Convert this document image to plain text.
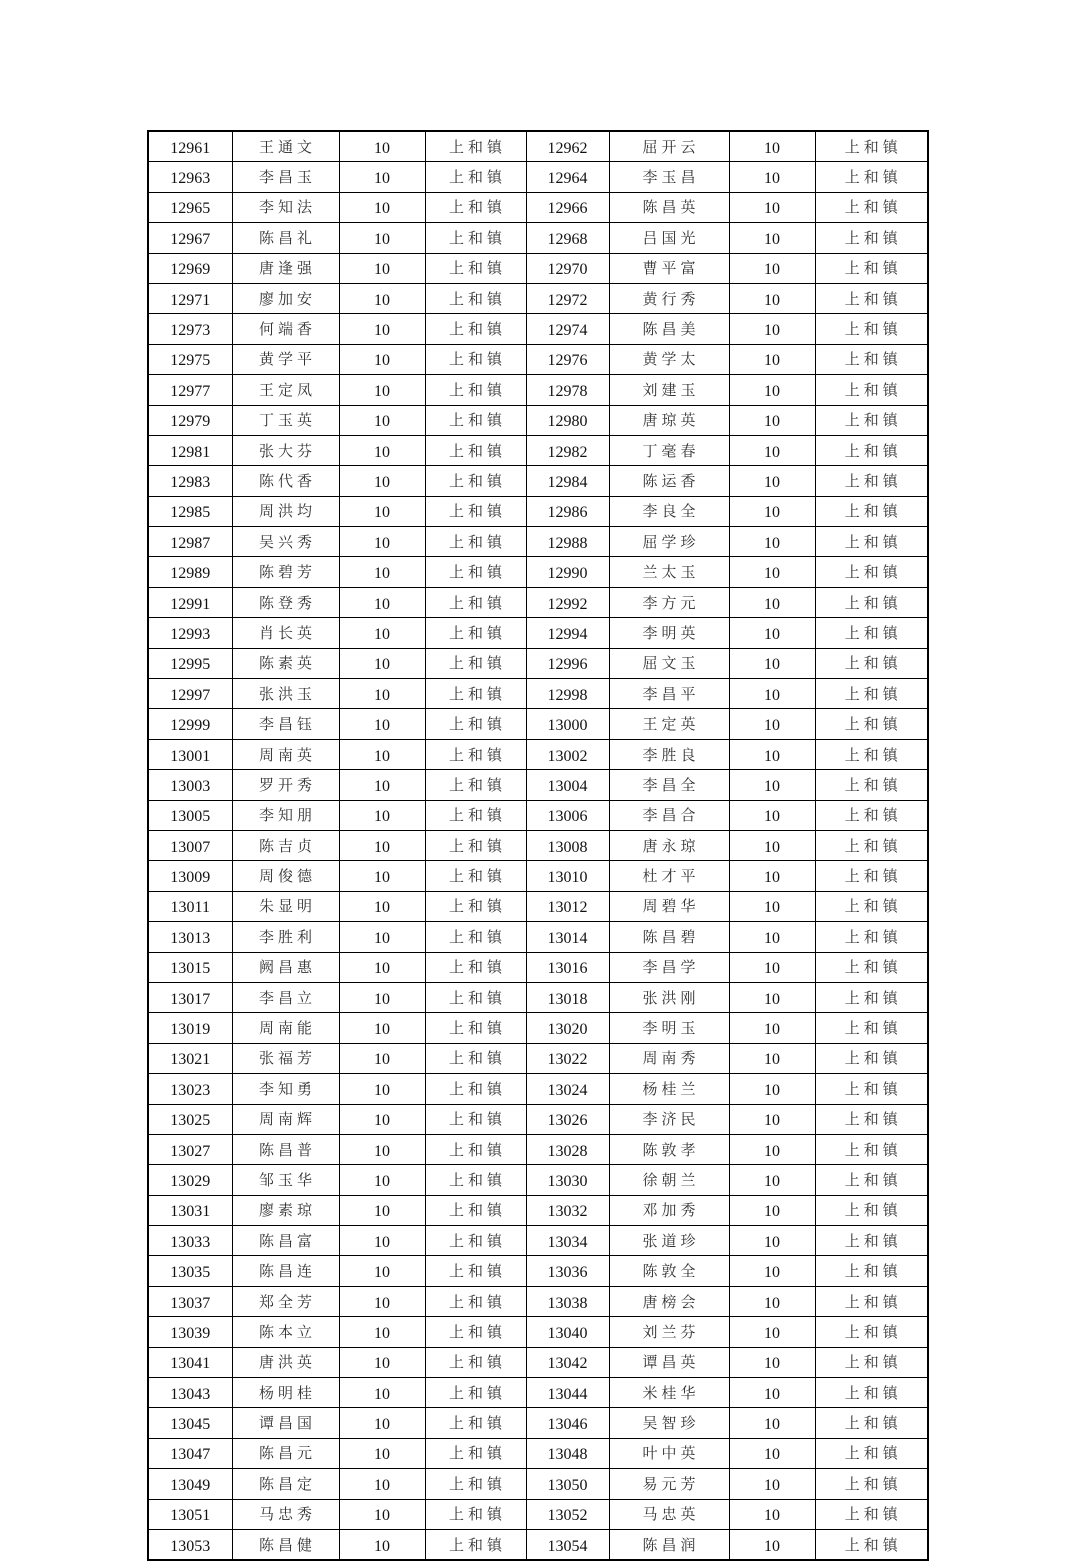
12961	王通文	10	上和镇	12962	屈开云	10	上和镇
12963	李昌玉	10	上和镇	12964	李玉昌	10	上和镇
12965	李知法	10	上和镇	12966	陈昌英	10	上和镇
12967	陈昌礼	10	上和镇	12968	吕国光	10	上和镇
12969	唐逢强	10	上和镇	12970	曹平富	10	上和镇
12971	廖加安	10	上和镇	12972	黄行秀	10	上和镇
12973	何端香	10	上和镇	12974	陈昌美	10	上和镇
12975	黄学平	10	上和镇	12976	黄学太	10	上和镇
12977	王定凤	10	上和镇	12978	刘建玉	10	上和镇
12979	丁玉英	10	上和镇	12980	唐琼英	10	上和镇
12981	张大芬	10	上和镇	12982	丁毫春	10	上和镇
12983	陈代香	10	上和镇	12984	陈运香	10	上和镇
12985	周洪均	10	上和镇	12986	李良全	10	上和镇
12987	吴兴秀	10	上和镇	12988	屈学珍	10	上和镇
12989	陈碧芳	10	上和镇	12990	兰太玉	10	上和镇
12991	陈登秀	10	上和镇	12992	李方元	10	上和镇
12993	肖长英	10	上和镇	12994	李明英	10	上和镇
12995	陈素英	10	上和镇	12996	屈文玉	10	上和镇
12997	张洪玉	10	上和镇	12998	李昌平	10	上和镇
12999	李昌钰	10	上和镇	13000	王定英	10	上和镇
13001	周南英	10	上和镇	13002	李胜良	10	上和镇
13003	罗开秀	10	上和镇	13004	李昌全	10	上和镇
13005	李知朋	10	上和镇	13006	李昌合	10	上和镇
13007	陈吉贞	10	上和镇	13008	唐永琼	10	上和镇
13009	周俊德	10	上和镇	13010	杜才平	10	上和镇
13011	朱显明	10	上和镇	13012	周碧华	10	上和镇
13013	李胜利	10	上和镇	13014	陈昌碧	10	上和镇
13015	阙昌惠	10	上和镇	13016	李昌学	10	上和镇
13017	李昌立	10	上和镇	13018	张洪刚	10	上和镇
13019	周南能	10	上和镇	13020	李明玉	10	上和镇
13021	张福芳	10	上和镇	13022	周南秀	10	上和镇
13023	李知勇	10	上和镇	13024	杨桂兰	10	上和镇
13025	周南辉	10	上和镇	13026	李济民	10	上和镇
13027	陈昌普	10	上和镇	13028	陈敦孝	10	上和镇
13029	邹玉华	10	上和镇	13030	徐朝兰	10	上和镇
13031	廖素琼	10	上和镇	13032	邓加秀	10	上和镇
13033	陈昌富	10	上和镇	13034	张道珍	10	上和镇
13035	陈昌连	10	上和镇	13036	陈敦全	10	上和镇
13037	郑全芳	10	上和镇	13038	唐榜会	10	上和镇
13039	陈本立	10	上和镇	13040	刘兰芬	10	上和镇
13041	唐洪英	10	上和镇	13042	谭昌英	10	上和镇
13043	杨明桂	10	上和镇	13044	米桂华	10	上和镇
13045	谭昌国	10	上和镇	13046	吴智珍	10	上和镇
13047	陈昌元	10	上和镇	13048	叶中英	10	上和镇
13049	陈昌定	10	上和镇	13050	易元芳	10	上和镇
13051	马忠秀	10	上和镇	13052	马忠英	10	上和镇
13053	陈昌健	10	上和镇	13054	陈昌润	10	上和镇
